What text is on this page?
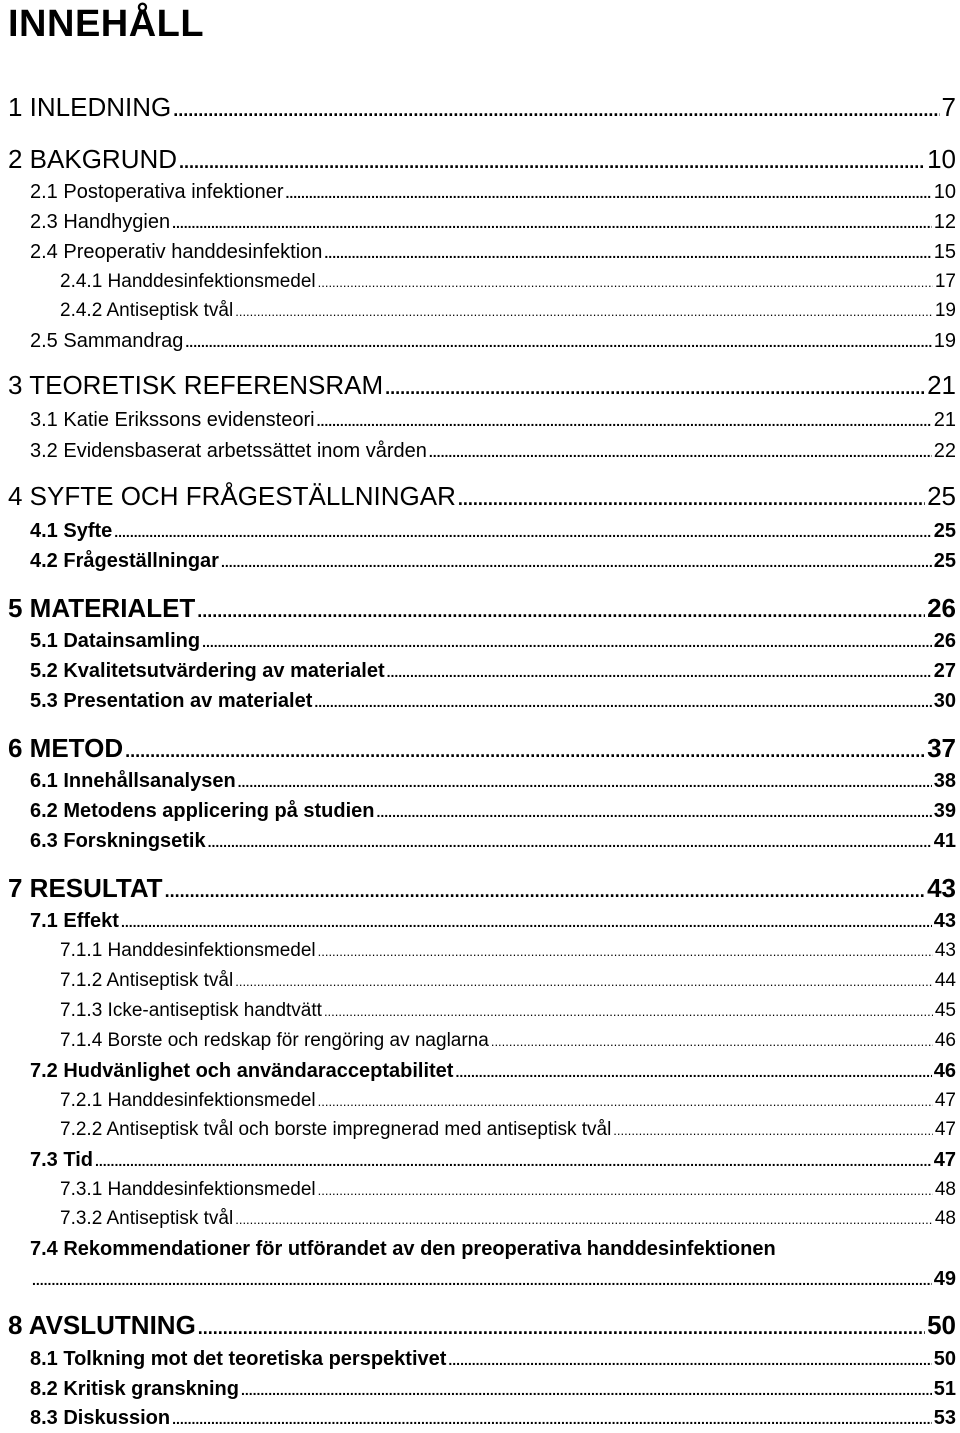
INNEHÅLL
1 INLEDNING .....	7
2 BAKGRUND .....	10
2.1 Postoperativa infektioner .....	10
2.3 Handhygien .....	12
2.4 Preoperativ handdesinfektion .....	15
2.4.1 Handdesinfektionsmedel .....	17
2.4.2 Antiseptisk tvål .....	19
2.5 Sammandrag .....	19
3 TEORETISK REFERENSRAM .....	21
3.1 Katie Erikssons evidensteori .....	21
3.2 Evidensbaserat arbetssättet inom vården .....	22
4 SYFTE OCH FRÅGESTÄLLNINGAR .....	25
4.1 Syfte .....	25
4.2 Frågeställningar .....	25
5 MATERIALET .....	26
5.1 Datainsamling .....	26
5.2 Kvalitetsutvärdering av materialet .....	27
5.3 Presentation av materialet .....	30
6 METOD .....	37
6.1 Innehållsanalysen .....	38
6.2 Metodens applicering på studien .....	39
6.3 Forskningsetik .....	41
7 RESULTAT .....	43
7.1 Effekt .....	43
7.1.1 Handdesinfektionsmedel .....	43
7.1.2 Antiseptisk tvål .....	44
7.1.3 Icke-antiseptisk handtvätt .....	45
7.1.4 Borste och redskap för rengöring av naglarna .....	46
7.2 Hudvänlighet och användaracceptabilitet .....	46
7.2.1 Handdesinfektionsmedel .....	47
7.2.2 Antiseptisk tvål och borste impregnerad med antiseptisk tvål .....	47
7.3 Tid .....	47
7.3.1 Handdesinfektionsmedel .....	48
7.3.2 Antiseptisk tvål .....	48
7.4 Rekommendationer för utförandet av den preoperativa handdesinfektionen
.....
49
8 AVSLUTNING .....	50
8.1 Tolkning mot det teoretiska perspektivet .....	50
8.2 Kritisk granskning .....	51
8.3 Diskussion .....	53
